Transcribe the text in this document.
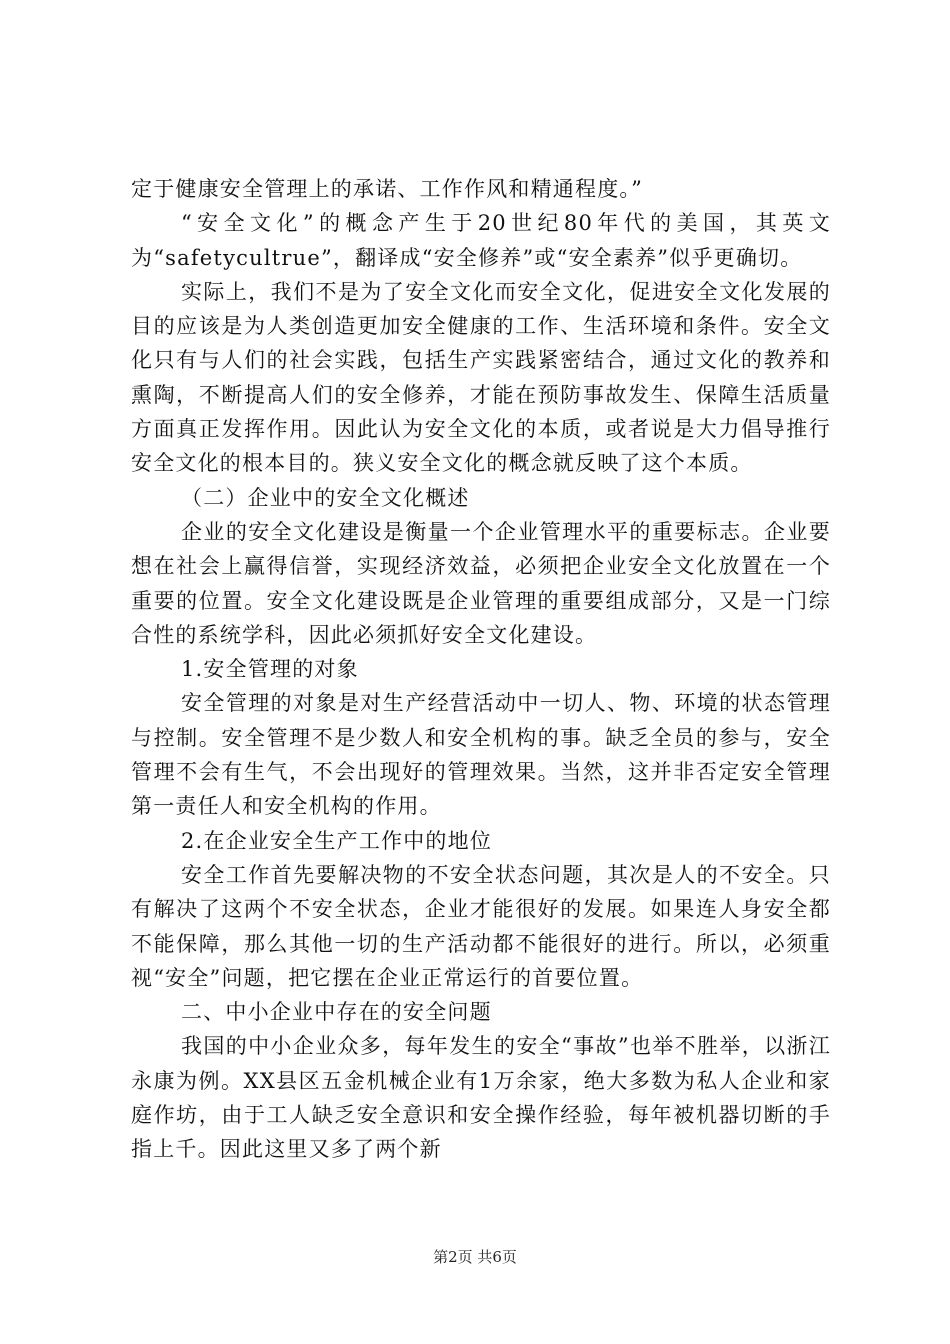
定于健康安全管理上的承诺、工作作风和精通程度。”

“安全文化”的概念产生于20世纪80年代的美国，其英文为“safetycultrue”，翻译成“安全修养”或“安全素养”似乎更确切。

实际上，我们不是为了安全文化而安全文化，促进安全文化发展的目的应该是为人类创造更加安全健康的工作、生活环境和条件。安全文化只有与人们的社会实践，包括生产实践紧密结合，通过文化的教养和熏陶，不断提高人们的安全修养，才能在预防事故发生、保障生活质量方面真正发挥作用。因此认为安全文化的本质，或者说是大力倡导推行安全文化的根本目的。狭义安全文化的概念就反映了这个本质。

（二）企业中的安全文化概述

企业的安全文化建设是衡量一个企业管理水平的重要标志。企业要想在社会上赢得信誉，实现经济效益，必须把企业安全文化放置在一个重要的位置。安全文化建设既是企业管理的重要组成部分，又是一门综合性的系统学科，因此必须抓好安全文化建设。

1.安全管理的对象

安全管理的对象是对生产经营活动中一切人、物、环境的状态管理与控制。安全管理不是少数人和安全机构的事。缺乏全员的参与，安全管理不会有生气，不会出现好的管理效果。当然，这并非否定安全管理第一责任人和安全机构的作用。

2.在企业安全生产工作中的地位

安全工作首先要解决物的不安全状态问题，其次是人的不安全。只有解决了这两个不安全状态，企业才能很好的发展。如果连人身安全都不能保障，那么其他一切的生产活动都不能很好的进行。所以，必须重视“安全”问题，把它摆在企业正常运行的首要位置。

二、中小企业中存在的安全问题

我国的中小企业众多，每年发生的安全“事故”也举不胜举，以浙江永康为例。XX县区五金机械企业有1万余家，绝大多数为私人企业和家庭作坊，由于工人缺乏安全意识和安全操作经验，每年被机器切断的手指上千。因此这里又多了两个新

第2页 共6页
